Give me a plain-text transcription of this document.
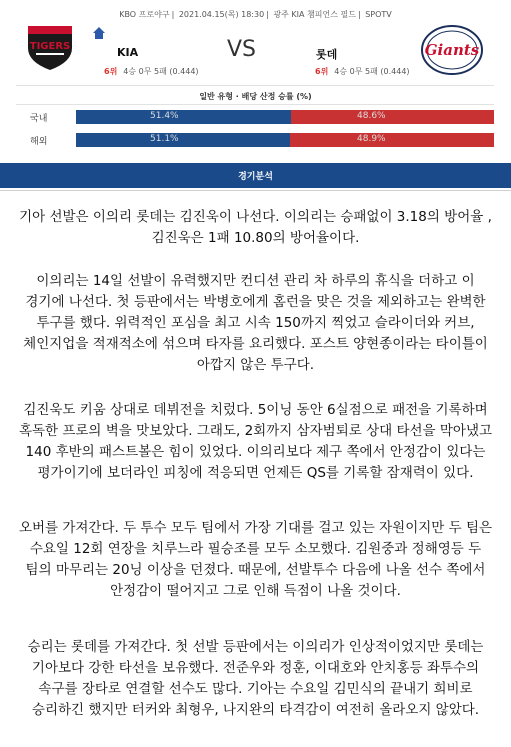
KBO 프로야구 | 2021.04.15(목) 18:30 | 광주 KIA 챔피언스 필드 | SPOTV
TIGERS	KIA	VS	롯데	Giants
6위 4승 0무 5패 (0.444)	6위 4승 0무 5패 (0.444)
일반 유형 · 배당 산정 승률 (%)
국내	51.4%	48.6%
해외	51.1%	48.9%
경기분석
기아 선발은 이의리 롯데는 김진욱이 나선다. 이의리는 승패없이 3.18의 방어율 , 김진욱은 1패 10.80의 방어율이다.
이의리는 14일 선발이 유력했지만 컨디션 관리 차 하루의 휴식을 더하고 이 경기에 나선다. 첫 등판에서는 박병호에게 홈런을 맞은 것을 제외하고는 완벽한 투구를 했다. 위력적인 포심을 최고 시속 150까지 찍었고 슬라이더와 커브, 체인지업을 적재적소에 섞으며 타자를 요리했다. 포스트 양현종이라는 타이틀이 아깝지 않은 투구다.
김진욱도 키움 상대로 데뷔전을 치렀다. 5이닝 동안 6실점으로 패전을 기록하며 혹독한 프로의 벽을 맛보았다. 그래도, 2회까지 삼자범퇴로 상대 타선을 막아냈고 140 후반의 패스트볼은 힘이 있었다. 이의리보다 제구 쪽에서 안정감이 있다는 평가이기에 보더라인 피칭에 적응되면 언제든 QS를 기록할 잠재력이 있다.
오버를 가져간다. 두 투수 모두 팀에서 가장 기대를 걸고 있는 자원이지만 두 팀은 수요일 12회 연장을 치루느라 필승조를 모두 소모했다. 김원중과 정해영등 두 팀의 마무리는 20닝 이상을 던졌다. 때문에, 선발투수 다음에 나올 선수 쪽에서 안정감이 떨어지고 그로 인해 득점이 나올 것이다.
승리는 롯데를 가져간다. 첫 선발 등판에서는 이의리가 인상적이었지만 롯데는 기아보다 강한 타선을 보유했다. 전준우와 정훈, 이대호와 안치홍등 좌투수의 속구를 장타로 연결할 선수도 많다. 기아는 수요일 김민식의 끝내기 희비로 승리하긴 했지만 터커와 최형우, 나지완의 타격감이 여전히 올라오지 않았다.
